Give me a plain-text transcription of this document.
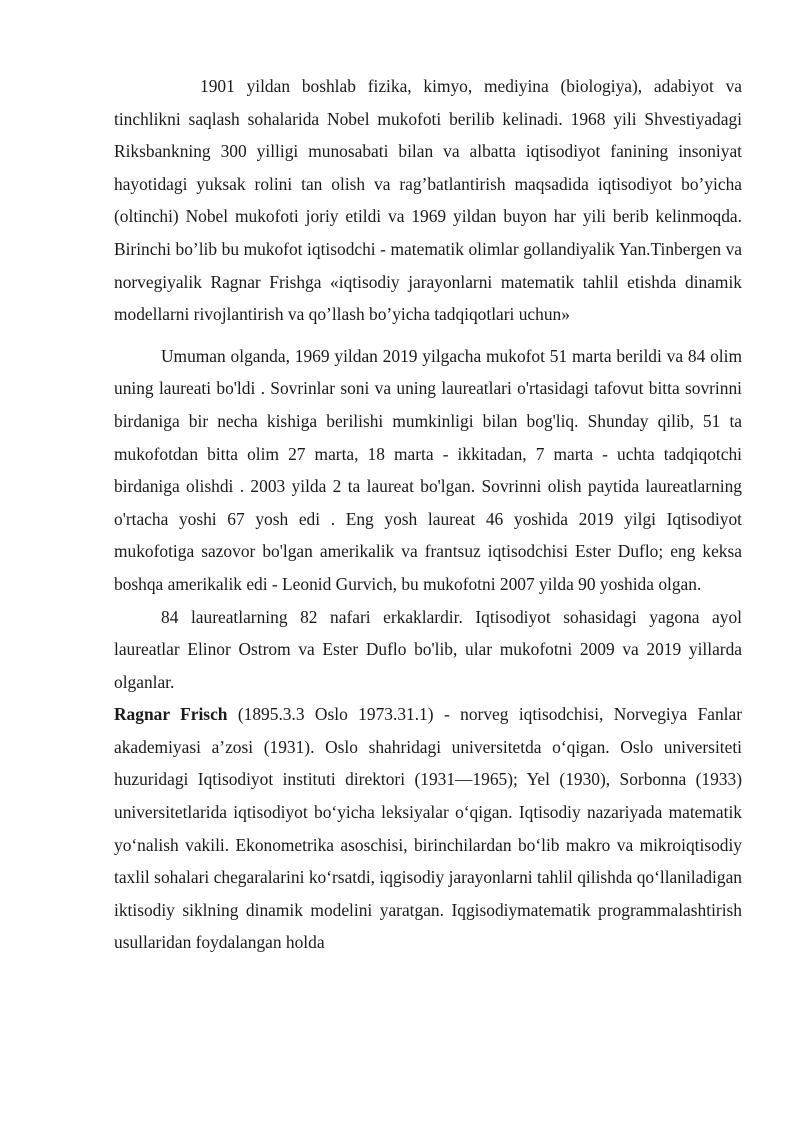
1901 yildan boshlab fizika, kimyo, mediyina (biologiya), adabiyot va tinchlikni saqlash sohalarida Nobel mukofoti berilib kelinadi. 1968 yili Shvestiyadagi Riksbankning 300 yilligi munosabati bilan va albatta iqtisodiyot fanining insoniyat hayotidagi yuksak rolini tan olish va rag’batlantirish maqsadida iqtisodiyot bo’yicha (oltinchi) Nobel mukofoti joriy etildi va 1969 yildan buyon har yili berib kelinmoqda. Birinchi bo’lib bu mukofot iqtisodchi - matematik olimlar gollandiyalik Yan.Tinbergen va norvegiyalik Ragnar Frishga «iqtisodiy jarayonlarni matematik tahlil etishda dinamik modellarni rivojlantirish va qo’llash bo’yicha tadqiqotlari uchun»

Umuman olganda, 1969 yildan 2019 yilgacha mukofot 51 marta berildi va 84 olim uning laureati bo'ldi . Sovrinlar soni va uning laureatlari o'rtasidagi tafovut bitta sovrinni birdaniga bir necha kishiga berilishi mumkinligi bilan bog'liq. Shunday qilib, 51 ta mukofotdan bitta olim 27 marta, 18 marta - ikkitadan, 7 marta - uchta tadqiqotchi birdaniga olishdi . 2003 yilda 2 ta laureat bo'lgan. Sovrinni olish paytida laureatlarning o'rtacha yoshi 67 yosh edi . Eng yosh laureat 46 yoshida 2019 yilgi Iqtisodiyot mukofotiga sazovor bo'lgan amerikalik va frantsuz iqtisodchisi Ester Duflo; eng keksa boshqa amerikalik edi - Leonid Gurvich, bu mukofotni 2007 yilda 90 yoshida olgan.

84 laureatlarning 82 nafari erkaklardir. Iqtisodiyot sohasidagi yagona ayol laureatlar Elinor Ostrom va Ester Duflo bo'lib, ular mukofotni 2009 va 2019 yillarda olganlar.

Ragnar Frisch (1895.3.3 Oslo 1973.31.1) - norveg iqtisodchisi, Norvegiya Fanlar akademiyasi a’zosi (1931). Oslo shahridagi universitetda o‘qigan. Oslo universiteti huzuridagi Iqtisodiyot instituti direktori (1931—1965); Yel (1930), Sorbonna (1933) universitetlarida iqtisodiyot bo‘yicha leksiyalar o‘qigan. Iqtisodiy nazariyada matematik yo‘nalish vakili. Ekonometrika asoschisi, birinchilardan bo‘lib makro va mikroiqtisodiy taxlil sohalari chegaralarini ko‘rsatdi, iqgisodiy jarayonlarni tahlil qilishda qo‘llaniladigan iktisodiy siklning dinamik modelini yaratgan. Iqgisodiymatematik programmalashtirish usullaridan foydalangan holda
